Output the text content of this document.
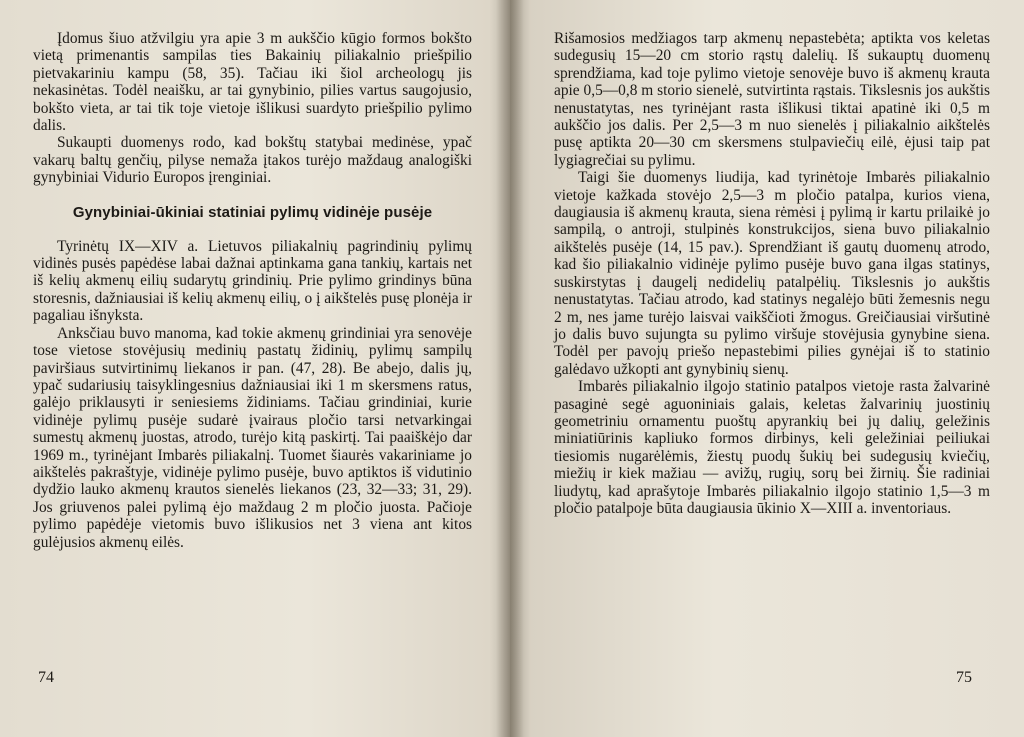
Įdomus šiuo atžvilgiu yra apie 3 m aukščio kūgio formos bokšto vietą primenantis sampilas ties Bakainių piliakalnio priešpilio pietvakariniu kampu (58, 35). Tačiau iki šiol archeologų jis nekasinėtas. Todėl neaišku, ar tai gynybinio, pilies vartus saugojusio, bokšto vieta, ar tai tik toje vietoje išlikusi suardyto priešpilio pylimo dalis.

Sukaupti duomenys rodo, kad bokštų statybai medinėse, ypač vakarų baltų genčių, pilyse nemaža įtakos turėjo maždaug analogiški gynybiniai Vidurio Europos įrenginiai.

Gynybiniai-ūkiniai statiniai pylimų vidinėje pusėje

Tyrinėtų IX—XIV a. Lietuvos piliakalnių pagrindinių pylimų vidinės pusės papėdėse labai dažnai aptinkama gana tankių, kartais net iš kelių akmenų eilių sudarytų grindinių. Prie pylimo grindinys būna storesnis, dažniausiai iš kelių akmenų eilių, o į aikštelės pusę plonėja ir pagaliau išnyksta.

Anksčiau buvo manoma, kad tokie akmenų grindiniai yra senovėje tose vietose stovėjusių medinių pastatų židinių, pylimų sampilų paviršiaus sutvirtinimų liekanos ir pan. (47, 28). Be abejo, dalis jų, ypač sudariusių taisyklingesnius dažniausiai iki 1 m skersmens ratus, galėjo priklausyti ir seniesiems židiniams. Tačiau grindiniai, kurie vidinėje pylimų pusėje sudarė įvairaus pločio tarsi netvarkingai sumestų akmenų juostas, atrodo, turėjo kitą paskirtį. Tai paaiškėjo dar 1969 m., tyrinėjant Imbarės piliakalnį. Tuomet šiaurės vakariniame jo aikštelės pakraštyje, vidinėje pylimo pusėje, buvo aptiktos iš vidutinio dydžio lauko akmenų krautos sienelės liekanos (23, 32—33; 31, 29). Jos griuvenos palei pylimą ėjo maždaug 2 m pločio juosta. Pačioje pylimo papėdėje vietomis buvo išlikusios net 3 viena ant kitos gulėjusios akmenų eilės.

74

Rišamosios medžiagos tarp akmenų nepastebėta; aptikta vos keletas sudegusių 15—20 cm storio rąstų dalelių. Iš sukauptų duomenų sprendžiama, kad toje pylimo vietoje senovėje buvo iš akmenų krauta apie 0,5—0,8 m storio sienelė, sutvirtinta rąstais. Tikslesnis jos aukštis nenustatytas, nes tyrinėjant rasta išlikusi tiktai apatinė iki 0,5 m aukščio jos dalis. Per 2,5—3 m nuo sienelės į piliakalnio aikštelės pusę aptikta 20—30 cm skersmens stulpaviečių eilė, ėjusi taip pat lygiagrečiai su pylimu.

Taigi šie duomenys liudija, kad tyrinėtoje Imbarės piliakalnio vietoje kažkada stovėjo 2,5—3 m pločio patalpa, kurios viena, daugiausia iš akmenų krauta, siena rėmėsi į pylimą ir kartu prilaikė jo sampilą, o antroji, stulpinės konstrukcijos, siena buvo piliakalnio aikštelės pusėje (14, 15 pav.). Sprendžiant iš gautų duomenų atrodo, kad šio piliakalnio vidinėje pylimo pusėje buvo gana ilgas statinys, suskirstytas į daugelį nedidelių patalpėlių. Tikslesnis jo aukštis nenustatytas. Tačiau atrodo, kad statinys negalėjo būti žemesnis negu 2 m, nes jame turėjo laisvai vaikščioti žmogus. Greičiausiai viršutinė jo dalis buvo sujungta su pylimo viršuje stovėjusia gynybine siena. Todėl per pavojų priešo nepastebimi pilies gynėjai iš to statinio galėdavo užkopti ant gynybinių sienų.

Imbarės piliakalnio ilgojo statinio patalpos vietoje rasta žalvarinė pasaginė segė aguoniniais galais, keletas žalvarinių juostinių geometriniu ornamentu puoštų apyrankių bei jų dalių, geležinis miniatiūrinis kapliuko formos dirbinys, keli geležiniai peiliukai tiesiomis nugarėlėmis, žiestų puodų šukių bei sudegusių kviečių, miežių ir kiek mažiau — avižų, rugių, sorų bei žirnių. Šie radiniai liudytų, kad aprašytoje Imbarės piliakalnio ilgojo statinio 1,5—3 m pločio patalpoje būta daugiausia ūkinio X—XIII a. inventoriaus.

75
